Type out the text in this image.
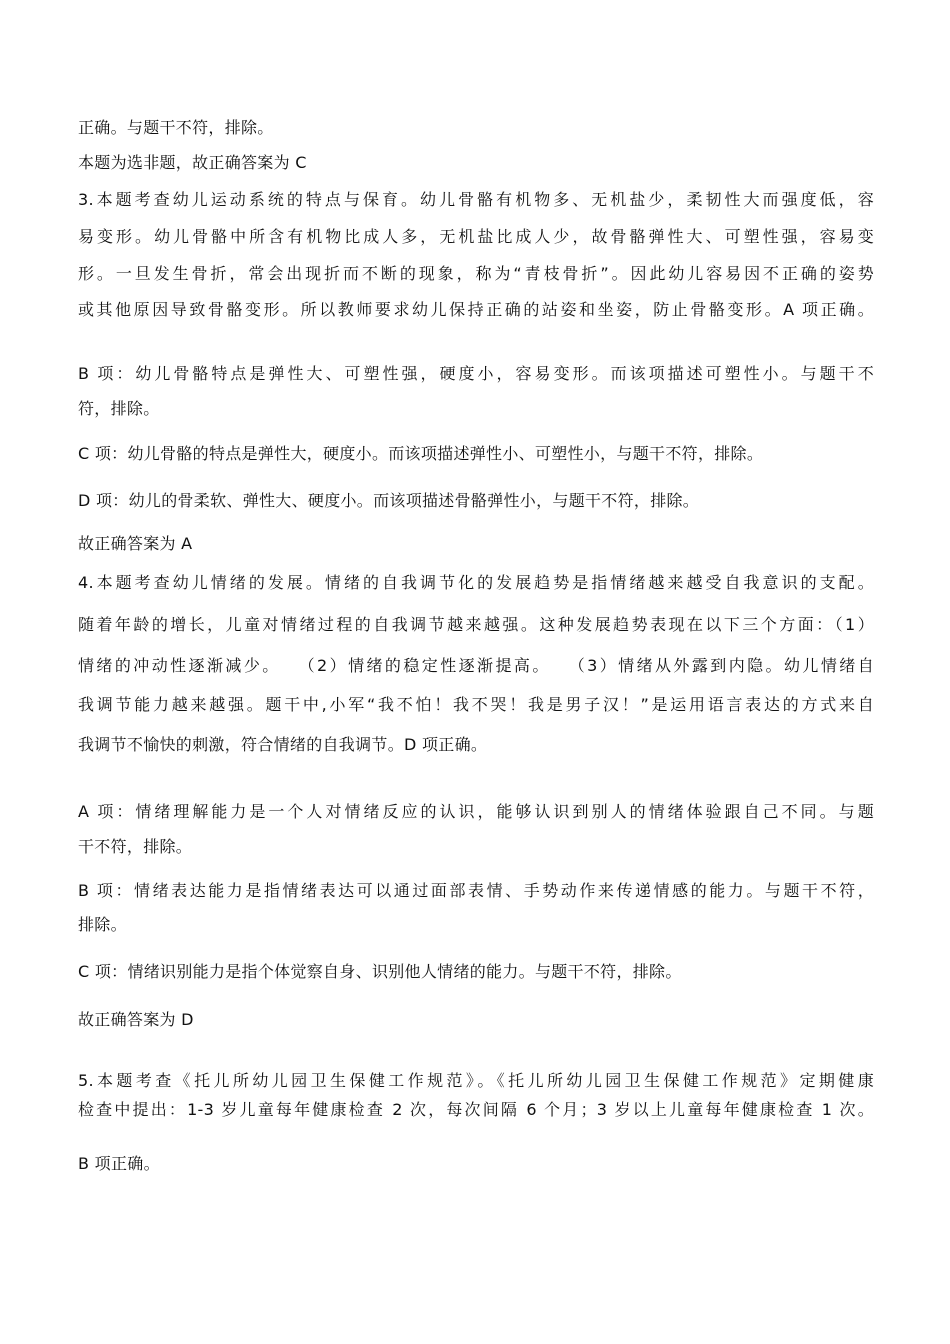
正确。与题干不符，排除。
本题为选非题，故正确答案为 C
3.本题考查幼儿运动系统的特点与保育。幼儿骨骼有机物多、无机盐少，柔韧性大而强度低，容
易变形。幼儿骨骼中所含有机物比成人多，无机盐比成人少，故骨骼弹性大、可塑性强，容易变
形。一旦发生骨折，常会出现折而不断的现象，称为“青枝骨折”。因此幼儿容易因不正确的姿势
或其他原因导致骨骼变形。所以教师要求幼儿保持正确的站姿和坐姿，防止骨骼变形。A 项正确。
B 项：幼儿骨骼特点是弹性大、可塑性强，硬度小，容易变形。而该项描述可塑性小。与题干不
符，排除。
C 项：幼儿骨骼的特点是弹性大，硬度小。而该项描述弹性小、可塑性小，与题干不符，排除。
D 项：幼儿的骨柔软、弹性大、硬度小。而该项描述骨骼弹性小，与题干不符，排除。
故正确答案为 A
4.本题考查幼儿情绪的发展。情绪的自我调节化的发展趋势是指情绪越来越受自我意识的支配。
随着年龄的增长，儿童对情绪过程的自我调节越来越强。这种发展趋势表现在以下三个方面：（1）
情绪的冲动性逐渐减少。　 （2）情绪的稳定性逐渐提高。　 （3）情绪从外露到内隐。幼儿情绪自
我调节能力越来越强。题干中,小军“我不怕！我不哭！我是男子汉！”是运用语言表达的方式来自
我调节不愉快的刺激，符合情绪的自我调节。D 项正确。
A 项：情绪理解能力是一个人对情绪反应的认识，能够认识到别人的情绪体验跟自己不同。与题
干不符，排除。
B 项：情绪表达能力是指情绪表达可以通过面部表情、手势动作来传递情感的能力。与题干不符，
排除。
C 项：情绪识别能力是指个体觉察自身、识别他人情绪的能力。与题干不符，排除。
故正确答案为 D
5.本题考查《托儿所幼儿园卫生保健工作规范》。《托儿所幼儿园卫生保健工作规范》定期健康
检查中提出：1-3 岁儿童每年健康检查 2 次，每次间隔 6 个月；3 岁以上儿童每年健康检查 1 次。
B 项正确。
